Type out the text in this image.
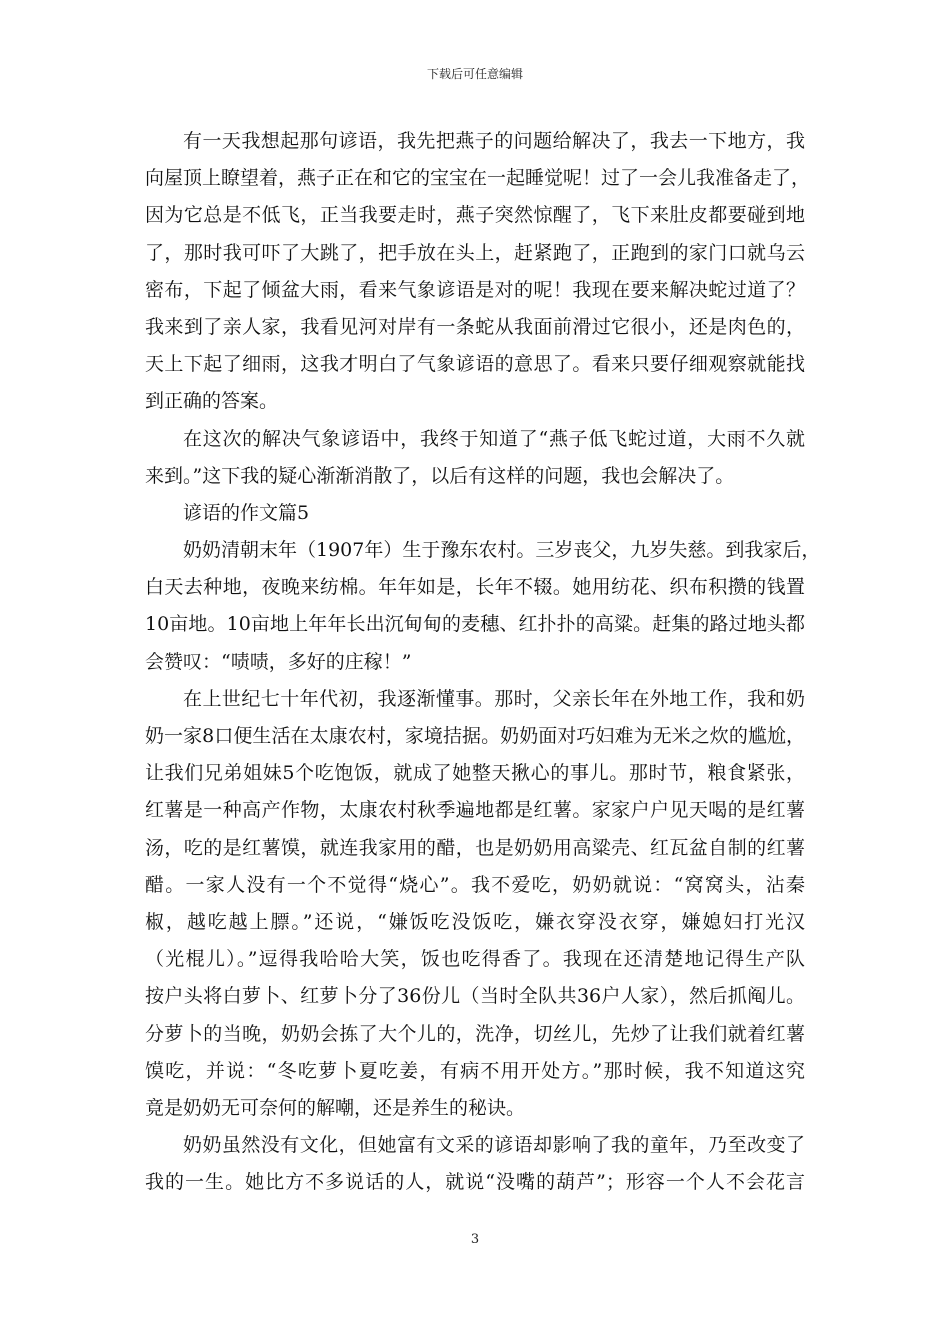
下载后可任意编辑
有一天我想起那句谚语，我先把燕子的问题给解决了，我去一下地方，我
向屋顶上瞭望着，燕子正在和它的宝宝在一起睡觉呢！过了一会儿我准备走了，
因为它总是不低飞，正当我要走时，燕子突然惊醒了，飞下来肚皮都要碰到地
了，那时我可吓了大跳了，把手放在头上，赶紧跑了，正跑到的家门口就乌云
密布，下起了倾盆大雨，看来气象谚语是对的呢！我现在要来解决蛇过道了？
我来到了亲人家，我看见河对岸有一条蛇从我面前滑过它很小，还是肉色的，
天上下起了细雨，这我才明白了气象谚语的意思了。看来只要仔细观察就能找
到正确的答案。
在这次的解决气象谚语中，我终于知道了“燕子低飞蛇过道，大雨不久就
来到。”这下我的疑心渐渐消散了，以后有这样的问题，我也会解决了。
谚语的作文篇5
奶奶清朝末年（1907年）生于豫东农村。三岁丧父，九岁失慈。到我家后，
白天去种地，夜晚来纺棉。年年如是，长年不辍。她用纺花、织布积攒的钱置
10亩地。10亩地上年年长出沉甸甸的麦穗、红扑扑的高粱。赶集的路过地头都
会赞叹：“啧啧，多好的庄稼！”
在上世纪七十年代初，我逐渐懂事。那时，父亲长年在外地工作，我和奶
奶一家8口便生活在太康农村，家境拮据。奶奶面对巧妇难为无米之炊的尴尬，
让我们兄弟姐妹5个吃饱饭，就成了她整天揪心的事儿。那时节，粮食紧张，
红薯是一种高产作物，太康农村秋季遍地都是红薯。家家户户见天喝的是红薯
汤，吃的是红薯馍，就连我家用的醋，也是奶奶用高粱壳、红瓦盆自制的红薯
醋。一家人没有一个不觉得“烧心”。我不爱吃，奶奶就说：“窝窝头，沾秦
椒，越吃越上膘。”还说，“嫌饭吃没饭吃，嫌衣穿没衣穿，嫌媳妇打光汉
（光棍儿）。”逗得我哈哈大笑，饭也吃得香了。我现在还清楚地记得生产队
按户头将白萝卜、红萝卜分了36份儿（当时全队共36户人家），然后抓阄儿。
分萝卜的当晚，奶奶会拣了大个儿的，洗净，切丝儿，先炒了让我们就着红薯
馍吃，并说：“冬吃萝卜夏吃姜，有病不用开处方。”那时候，我不知道这究
竟是奶奶无可奈何的解嘲，还是养生的秘诀。
奶奶虽然没有文化，但她富有文采的谚语却影响了我的童年，乃至改变了
我的一生。她比方不多说话的人，就说“没嘴的葫芦”；形容一个人不会花言
3
